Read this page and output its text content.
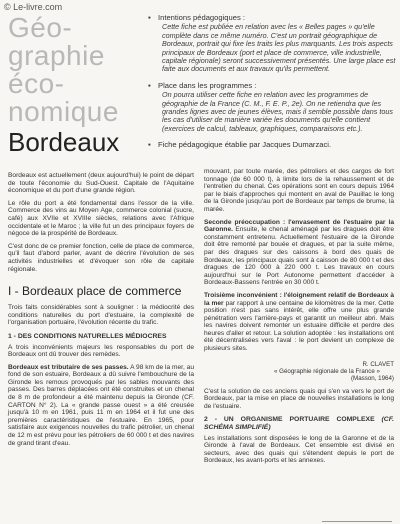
© Le-livre.com
Géo-
graphie
éco-
nomique
Bordeaux
▪ Intentions pédagogiques :
Cette fiche est publiée en relation avec les « Belles pages » qu'elle complète dans ce même numéro. C'est un portrait géographique de Bordeaux, portrait qui fixe les traits les plus marquants. Les trois aspects principaux de Bordeaux (port et place de commerce, ville industrielle, capitale régionale) seront successivement présentés. Une large place est faite aux documents et aux travaux qu'ils permettent.
▪ Place dans les programmes :
On pourra utiliser cette fiche en relation avec les programmes de géographie de la France (C. M., F. E. P., 2e). On ne retiendra que les grandes lignes avec de jeunes élèves, mais il semble possible dans tous les cas d'utiliser de manière variée les documents qu'elle contient (exercices de calcul, tableaux, graphiques, comparaisons etc.).
▪ Fiche pédagogique établie par Jacques Dumarzaci.

Bordeaux est actuellement (deux aujourd'hui) le point de départ de toute l'économie du Sud-Ouest. Capitale de l'Aquitaine économique et du port d'une grande région.

Le rôle du port a été fondamental dans l'essor de la ville. Commerce des vins au Moyen Age, commerce colonial (sucre, café) aux XVIIe et XVIIIe siècles, relations avec l'Afrique occidentale et le Maroc ; la ville fut un des principaux foyers de négoce de la prospérité de Bordeaux.

C'est donc de ce premier fonction, celle de place de commerce, qu'il faut d'abord parler, avant de décrire l'évolution de ses activités industrielles et d'évoquer son rôle de capitale régionale.

I - Bordeaux place de commerce

Trois faits considérables sont à souligner : la médiocrité des conditions naturelles du port d'estuaire, la complexité de l'organisation portuaire, l'évolution récente du trafic.

1 - DES CONDITIONS NATURELLES MÉDIOCRES

A trois inconvénients majeurs les responsables du port de Bordeaux ont dû trouver des remèdes.

Bordeaux est tributaire de ses passes. A 98 km de la mer, au fond de son estuaire, Bordeaux a dû suivre l'embouchure de la Gironde les remous provoqués par les sables mouvants des passes. Des barres déplacées ont été construites et un chenal de 8 m de profondeur a été maintenu depuis la Gironde (CF. CARTON N° 2). La « grande passe ouest » a été creusée jusqu'à 10 m en 1961, puis 11 m en 1964 et il fut une des premières caractéristiques de l'estuaire. En 1965, pour satisfaire aux exigences nouvelles du trafic pétrolier, un chenal de 12 m est prévu pour les pétroliers de 60 000 t et des navires de grand tirant d'eau.

mouvant, par toute marée, des pétroliers et des cargos de fort tonnage (de 60 000 t), à limite lors de la rehaussement et de l'entretien du chenal. Ces opérations sont en cours depuis 1964 par le biais d'approches qui montent en aval de Pauillac le long de la Gironde jusqu'au port de Bordeaux par temps de brume, la marée.

Seconde préoccupation : l'envasement de l'estuaire par la Garonne. Ensuite, le chenal aménagé par les dragues doit être constamment entretenu. Actuellement l'estuaire de la Gironde doit être remonté par bouée et dragues, et par la suite même, par des dragues sur des caissons à bord des quais de Bordeaux, les principaux quais sont à caisson de 80 000 t et des dragues de 120 000 à 220 000 t. Les travaux en cours aujourd'hui sur le Port Autonome permettent d'accéder à Bordeaux-Bassens l'entrée en 30 000 t.

Troisième inconvénient : l'éloignement relatif de Bordeaux à la mer par rapport à une centaine de kilomètres de la mer. Cette position n'est pas sans intérêt, elle offre une plus grande pénétration vers l'arrière-pays et garantit un meilleur abri. Mais les navires doivent remonter un estuaire difficile et perdre des heures d'aller et retour. La solution adoptée : les installations ont été décentralisées vers l'aval : le port devient un complexe de plusieurs sites.

R. CLAVET
« Géographie régionale de la France »
(Masson, 1964)

C'est la solution de ces anciens quais qui s'en va vers le port de Bordeaux, par la mise en place de nouvelles installations le long de l'estuaire.

2 - UN ORGANISME PORTUAIRE COMPLEXE (CF. SCHÉMA SIMPLIFIÉ)

Les installations sont disposées le long de la Garonne et de la Gironde à l'aval de Bordeaux. Cet ensemble est divisé en secteurs, avec des quais qui s'étendent depuis le port de Bordeaux, les avant-ports et les annexes.
